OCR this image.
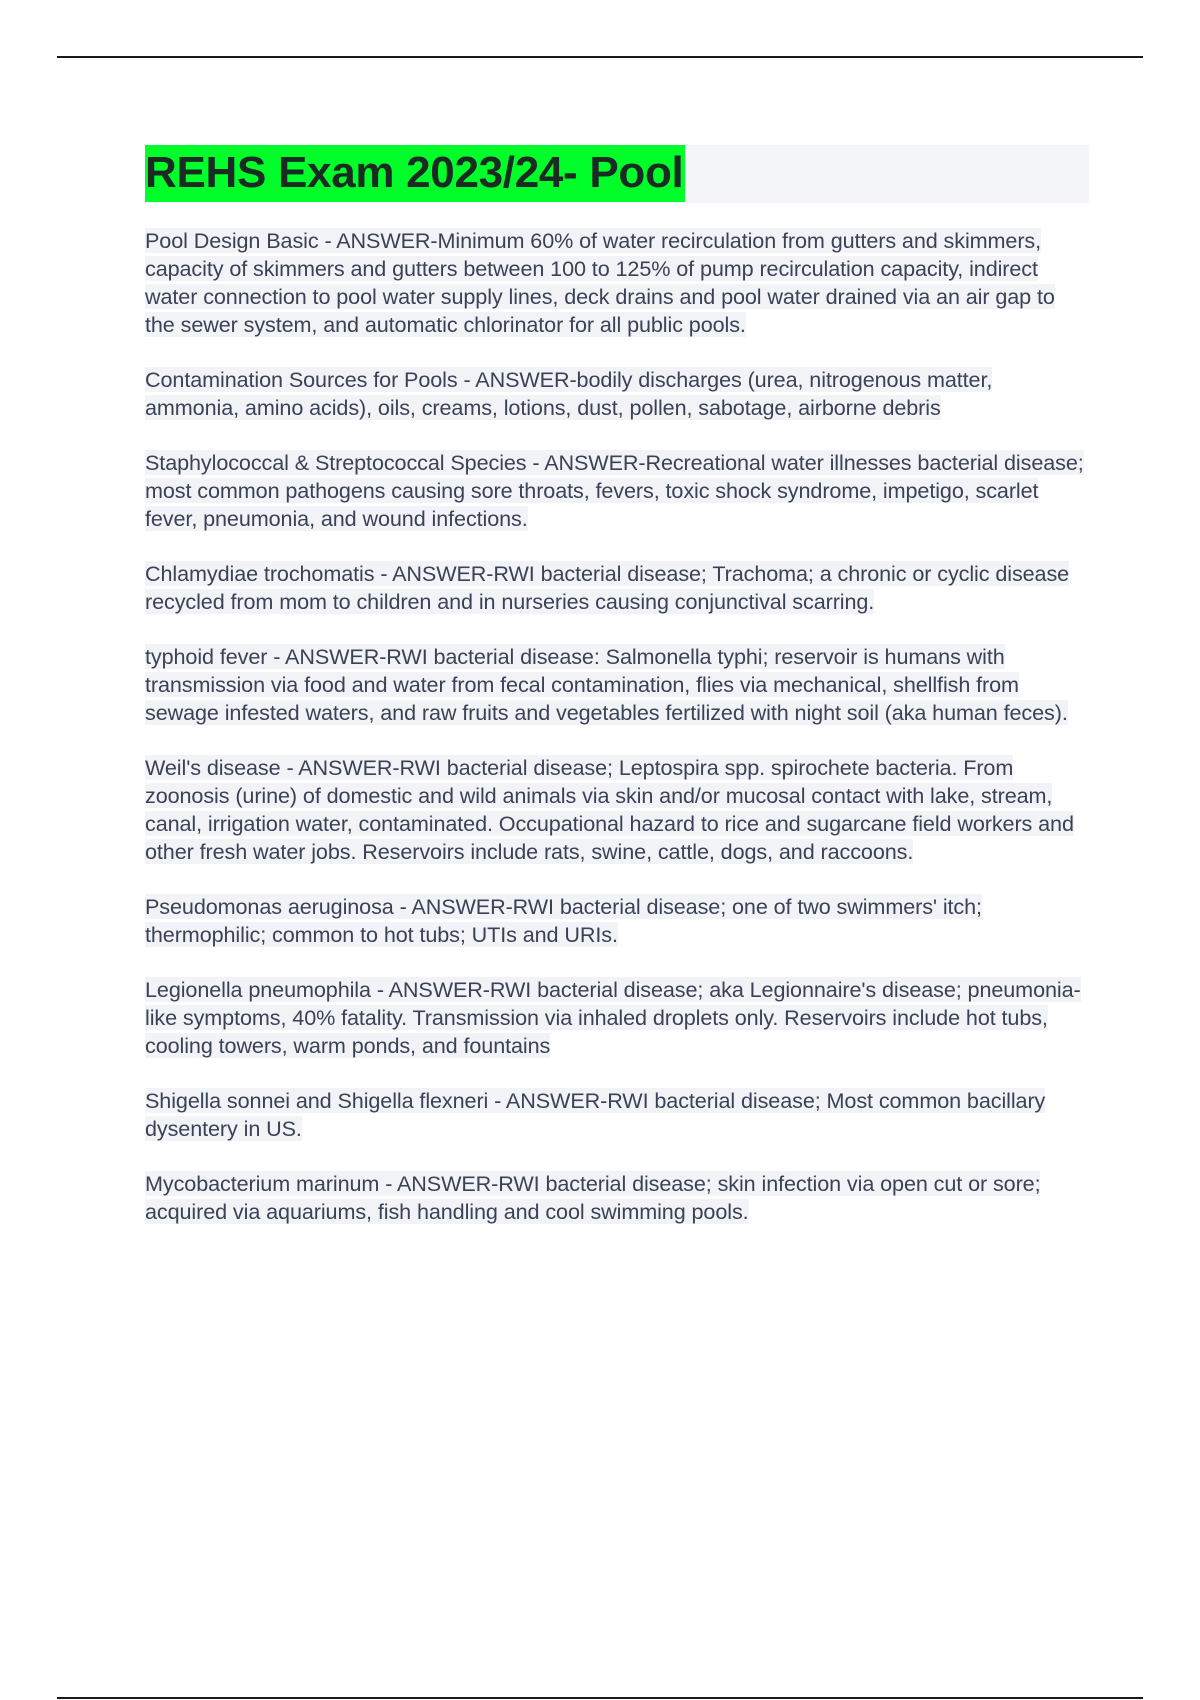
REHS Exam 2023/24- Pool

Pool Design Basic - ANSWER-Minimum 60% of water recirculation from gutters and skimmers, capacity of skimmers and gutters between 100 to 125% of pump recirculation capacity, indirect water connection to pool water supply lines, deck drains and pool water drained via an air gap to the sewer system, and automatic chlorinator for all public pools.

Contamination Sources for Pools - ANSWER-bodily discharges (urea, nitrogenous matter, ammonia, amino acids), oils, creams, lotions, dust, pollen, sabotage, airborne debris

Staphylococcal & Streptococcal Species - ANSWER-Recreational water illnesses bacterial disease; most common pathogens causing sore throats, fevers, toxic shock syndrome, impetigo, scarlet fever, pneumonia, and wound infections.

Chlamydiae trochomatis - ANSWER-RWI bacterial disease; Trachoma; a chronic or cyclic disease recycled from mom to children and in nurseries causing conjunctival scarring.

typhoid fever - ANSWER-RWI bacterial disease: Salmonella typhi; reservoir is humans with transmission via food and water from fecal contamination, flies via mechanical, shellfish from sewage infested waters, and raw fruits and vegetables fertilized with night soil (aka human feces).

Weil's disease - ANSWER-RWI bacterial disease; Leptospira spp. spirochete bacteria. From zoonosis (urine) of domestic and wild animals via skin and/or mucosal contact with lake, stream, canal, irrigation water, contaminated. Occupational hazard to rice and sugarcane field workers and other fresh water jobs. Reservoirs include rats, swine, cattle, dogs, and raccoons.

Pseudomonas aeruginosa - ANSWER-RWI bacterial disease; one of two swimmers' itch; thermophilic; common to hot tubs; UTIs and URIs.

Legionella pneumophila - ANSWER-RWI bacterial disease; aka Legionnaire's disease; pneumonia-like symptoms, 40% fatality. Transmission via inhaled droplets only. Reservoirs include hot tubs, cooling towers, warm ponds, and fountains

Shigella sonnei and Shigella flexneri - ANSWER-RWI bacterial disease; Most common bacillary dysentery in US.

Mycobacterium marinum - ANSWER-RWI bacterial disease; skin infection via open cut or sore; acquired via aquariums, fish handling and cool swimming pools.
